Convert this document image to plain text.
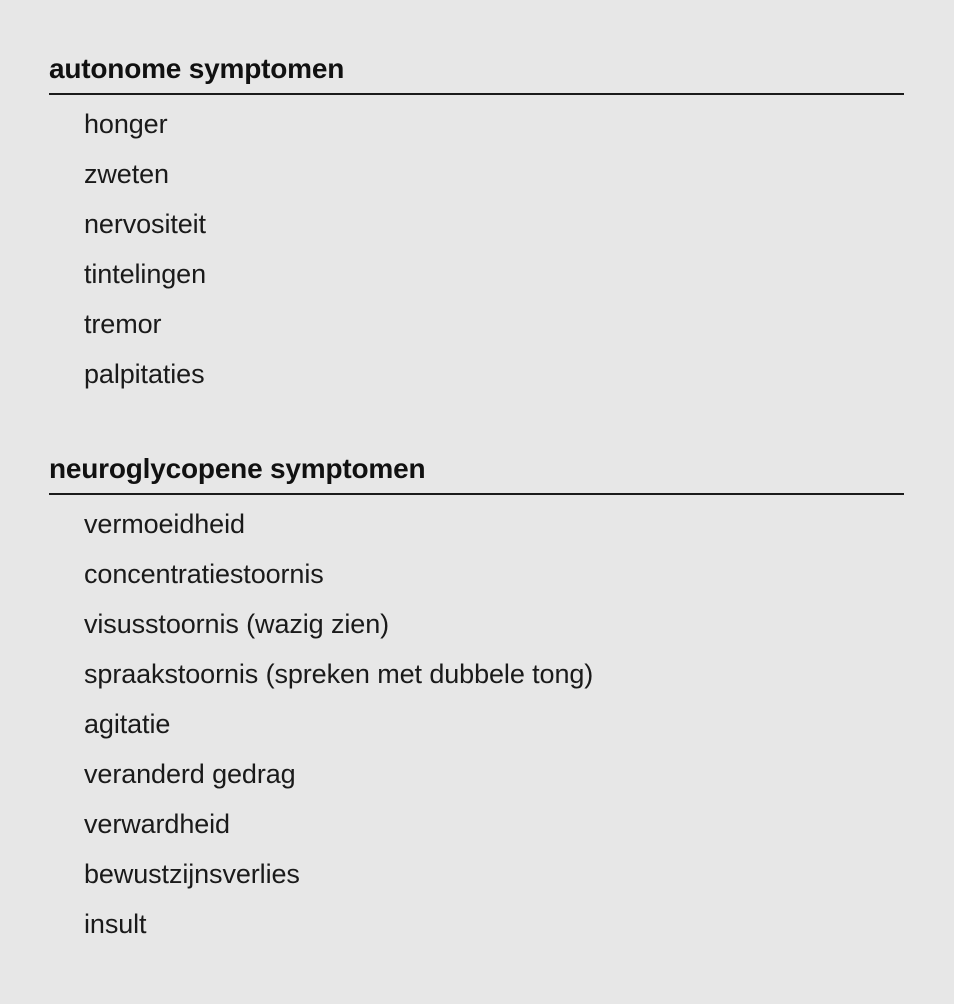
autonome symptomen
honger
zweten
nervositeit
tintelingen
tremor
palpitaties
neuroglycopene symptomen
vermoeidheid
concentratiestoornis
visusstoornis (wazig zien)
spraakstoornis (spreken met dubbele tong)
agitatie
veranderd gedrag
verwardheid
bewustzijnsverlies
insult
